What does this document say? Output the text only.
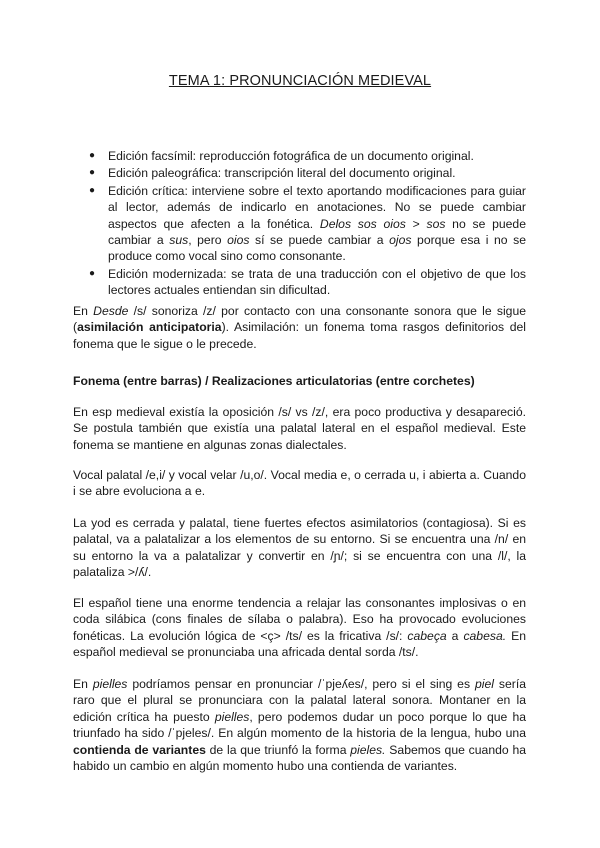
TEMA 1: PRONUNCIACIÓN MEDIEVAL
● Edición facsímil: reproducción fotográfica de un documento original.
● Edición paleográfica: transcripción literal del documento original.
● Edición crítica: interviene sobre el texto aportando modificaciones para guiar al lector, además de indicarlo en anotaciones. No se puede cambiar aspectos que afecten a la fonética. Delos sos oios > sos no se puede cambiar a sus, pero oios sí se puede cambiar a ojos porque esa i no se produce como vocal sino como consonante.
● Edición modernizada: se trata de una traducción con el objetivo de que los lectores actuales entiendan sin dificultad.

En Desde /s/ sonoriza /z/ por contacto con una consonante sonora que le sigue (asimilación anticipatoria). Asimilación: un fonema toma rasgos definitorios del fonema que le sigue o le precede.

Fonema (entre barras) / Realizaciones articulatorias (entre corchetes)

En esp medieval existía la oposición /s/ vs /z/, era poco productiva y desapareció. Se postula también que existía una palatal lateral en el español medieval. Este fonema se mantiene en algunas zonas dialectales.

Vocal palatal /e,i/ y vocal velar /u,o/. Vocal media e, o cerrada u, i abierta a. Cuando i se abre evoluciona a e.

La yod es cerrada y palatal, tiene fuertes efectos asimilatorios (contagiosa). Si es palatal, va a palatalizar a los elementos de su entorno. Si se encuentra una /n/ en su entorno la va a palatalizar y convertir en /ɲ/; si se encuentra con una /l/, la palataliza >/ʎ/.

El español tiene una enorme tendencia a relajar las consonantes implosivas o en coda silábica (cons finales de sílaba o palabra). Eso ha provocado evoluciones fonéticas. La evolución lógica de <ç> /ts/ es la fricativa /s/: cabeça a cabesa. En español medieval se pronunciaba una africada dental sorda /ts/.

En pielles podríamos pensar en pronunciar /ˈpjeʎes/, pero si el sing es piel sería raro que el plural se pronunciara con la palatal lateral sonora. Montaner en la edición crítica ha puesto pielles, pero podemos dudar un poco porque lo que ha triunfado ha sido /ˈpjeles/. En algún momento de la historia de la lengua, hubo una contienda de variantes de la que triunfó la forma pieles. Sabemos que cuando ha habido un cambio en algún momento hubo una contienda de variantes.
